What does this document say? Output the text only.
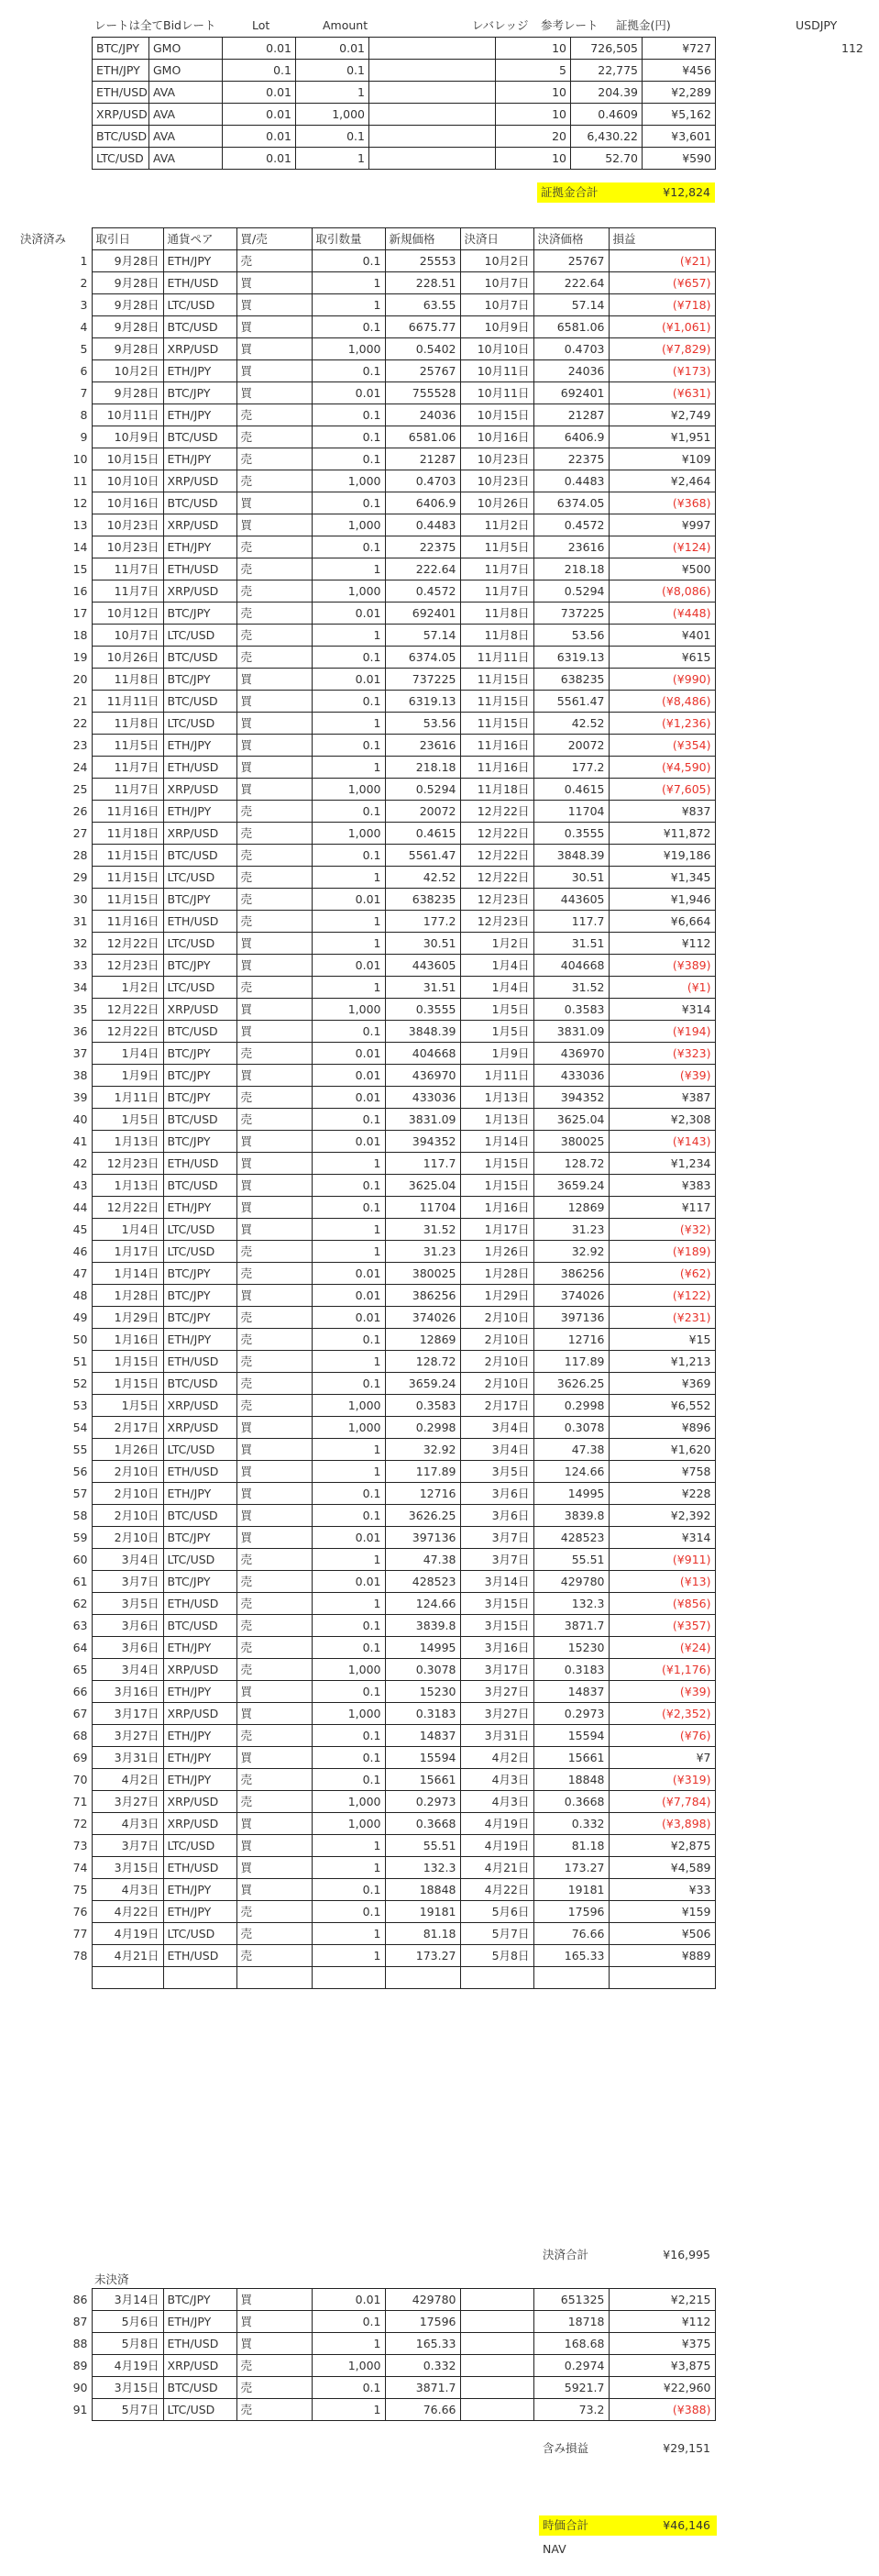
レートは全てBidレート	Lot	Amount	レバレッジ 参考レート 証拠金(円)	USDJPY
112
BTC/JPY	GMO	0.01	0.01		10	726,505	¥727
ETH/JPY	GMO	0.1	0.1		5	22,775	¥456
ETH/USD	AVA	0.01	1		10	204.39	¥2,289
XRP/USD	AVA	0.01	1,000		10	0.4609	¥5,162
BTC/USD	AVA	0.01	0.1		20	6,430.22	¥3,601
LTC/USD	AVA	0.01	1		10	52.70	¥590
証拠金合計	¥12,824
決済済み	取引日	通貨ペア	買/売	取引数量	新規価格	決済日	決済価格	損益
1	9月28日	ETH/JPY	売	0.1	25553	10月2日	25767	(¥21)
2	9月28日	ETH/USD	買	1	228.51	10月7日	222.64	(¥657)
3	9月28日	LTC/USD	買	1	63.55	10月7日	57.14	(¥718)
4	9月28日	BTC/USD	買	0.1	6675.77	10月9日	6581.06	(¥1,061)
5	9月28日	XRP/USD	買	1,000	0.5402	10月10日	0.4703	(¥7,829)
6	10月2日	ETH/JPY	買	0.1	25767	10月11日	24036	(¥173)
7	9月28日	BTC/JPY	買	0.01	755528	10月11日	692401	(¥631)
8	10月11日	ETH/JPY	売	0.1	24036	10月15日	21287	¥2,749
9	10月9日	BTC/USD	売	0.1	6581.06	10月16日	6406.9	¥1,951
10	10月15日	ETH/JPY	売	0.1	21287	10月23日	22375	¥109
11	10月10日	XRP/USD	売	1,000	0.4703	10月23日	0.4483	¥2,464
12	10月16日	BTC/USD	買	0.1	6406.9	10月26日	6374.05	(¥368)
13	10月23日	XRP/USD	買	1,000	0.4483	11月2日	0.4572	¥997
14	10月23日	ETH/JPY	売	0.1	22375	11月5日	23616	(¥124)
15	11月7日	ETH/USD	売	1	222.64	11月7日	218.18	¥500
16	11月7日	XRP/USD	売	1,000	0.4572	11月7日	0.5294	(¥8,086)
17	10月12日	BTC/JPY	売	0.01	692401	11月8日	737225	(¥448)
18	10月7日	LTC/USD	売	1	57.14	11月8日	53.56	¥401
19	10月26日	BTC/USD	売	0.1	6374.05	11月11日	6319.13	¥615
20	11月8日	BTC/JPY	買	0.01	737225	11月15日	638235	(¥990)
21	11月11日	BTC/USD	買	0.1	6319.13	11月15日	5561.47	(¥8,486)
22	11月8日	LTC/USD	買	1	53.56	11月15日	42.52	(¥1,236)
23	11月5日	ETH/JPY	買	0.1	23616	11月16日	20072	(¥354)
24	11月7日	ETH/USD	買	1	218.18	11月16日	177.2	(¥4,590)
25	11月7日	XRP/USD	買	1,000	0.5294	11月18日	0.4615	(¥7,605)
26	11月16日	ETH/JPY	売	0.1	20072	12月22日	11704	¥837
27	11月18日	XRP/USD	売	1,000	0.4615	12月22日	0.3555	¥11,872
28	11月15日	BTC/USD	売	0.1	5561.47	12月22日	3848.39	¥19,186
29	11月15日	LTC/USD	売	1	42.52	12月22日	30.51	¥1,345
30	11月15日	BTC/JPY	売	0.01	638235	12月23日	443605	¥1,946
31	11月16日	ETH/USD	売	1	177.2	12月23日	117.7	¥6,664
32	12月22日	LTC/USD	買	1	30.51	1月2日	31.51	¥112
33	12月23日	BTC/JPY	買	0.01	443605	1月4日	404668	(¥389)
34	1月2日	LTC/USD	売	1	31.51	1月4日	31.52	(¥1)
35	12月22日	XRP/USD	買	1,000	0.3555	1月5日	0.3583	¥314
36	12月22日	BTC/USD	買	0.1	3848.39	1月5日	3831.09	(¥194)
37	1月4日	BTC/JPY	売	0.01	404668	1月9日	436970	(¥323)
38	1月9日	BTC/JPY	買	0.01	436970	1月11日	433036	(¥39)
39	1月11日	BTC/JPY	売	0.01	433036	1月13日	394352	¥387
40	1月5日	BTC/USD	売	0.1	3831.09	1月13日	3625.04	¥2,308
41	1月13日	BTC/JPY	買	0.01	394352	1月14日	380025	(¥143)
42	12月23日	ETH/USD	買	1	117.7	1月15日	128.72	¥1,234
43	1月13日	BTC/USD	買	0.1	3625.04	1月15日	3659.24	¥383
44	12月22日	ETH/JPY	買	0.1	11704	1月16日	12869	¥117
45	1月4日	LTC/USD	買	1	31.52	1月17日	31.23	(¥32)
46	1月17日	LTC/USD	売	1	31.23	1月26日	32.92	(¥189)
47	1月14日	BTC/JPY	売	0.01	380025	1月28日	386256	(¥62)
48	1月28日	BTC/JPY	買	0.01	386256	1月29日	374026	(¥122)
49	1月29日	BTC/JPY	売	0.01	374026	2月10日	397136	(¥231)
50	1月16日	ETH/JPY	売	0.1	12869	2月10日	12716	¥15
51	1月15日	ETH/USD	売	1	128.72	2月10日	117.89	¥1,213
52	1月15日	BTC/USD	売	0.1	3659.24	2月10日	3626.25	¥369
53	1月5日	XRP/USD	売	1,000	0.3583	2月17日	0.2998	¥6,552
54	2月17日	XRP/USD	買	1,000	0.2998	3月4日	0.3078	¥896
55	1月26日	LTC/USD	買	1	32.92	3月4日	47.38	¥1,620
56	2月10日	ETH/USD	買	1	117.89	3月5日	124.66	¥758
57	2月10日	ETH/JPY	買	0.1	12716	3月6日	14995	¥228
58	2月10日	BTC/USD	買	0.1	3626.25	3月6日	3839.8	¥2,392
59	2月10日	BTC/JPY	買	0.01	397136	3月7日	428523	¥314
60	3月4日	LTC/USD	売	1	47.38	3月7日	55.51	(¥911)
61	3月7日	BTC/JPY	売	0.01	428523	3月14日	429780	(¥13)
62	3月5日	ETH/USD	売	1	124.66	3月15日	132.3	(¥856)
63	3月6日	BTC/USD	売	0.1	3839.8	3月15日	3871.7	(¥357)
64	3月6日	ETH/JPY	売	0.1	14995	3月16日	15230	(¥24)
65	3月4日	XRP/USD	売	1,000	0.3078	3月17日	0.3183	(¥1,176)
66	3月16日	ETH/JPY	買	0.1	15230	3月27日	14837	(¥39)
67	3月17日	XRP/USD	買	1,000	0.3183	3月27日	0.2973	(¥2,352)
68	3月27日	ETH/JPY	売	0.1	14837	3月31日	15594	(¥76)
69	3月31日	ETH/JPY	買	0.1	15594	4月2日	15661	¥7
70	4月2日	ETH/JPY	売	0.1	15661	4月3日	18848	(¥319)
71	3月27日	XRP/USD	売	1,000	0.2973	4月3日	0.3668	(¥7,784)
72	4月3日	XRP/USD	買	1,000	0.3668	4月19日	0.332	(¥3,898)
73	3月7日	LTC/USD	買	1	55.51	4月19日	81.18	¥2,875
74	3月15日	ETH/USD	買	1	132.3	4月21日	173.27	¥4,589
75	4月3日	ETH/JPY	買	0.1	18848	4月22日	19181	¥33
76	4月22日	ETH/JPY	売	0.1	19181	5月6日	17596	¥159
77	4月19日	LTC/USD	売	1	81.18	5月7日	76.66	¥506
78	4月21日	ETH/USD	売	1	173.27	5月8日	165.33	¥889

決済合計	¥16,995
未決済
86	3月14日	BTC/JPY	買	0.01	429780		651325	¥2,215
87	5月6日	ETH/JPY	買	0.1	17596		18718	¥112
88	5月8日	ETH/USD	買	1	165.33		168.68	¥375
89	4月19日	XRP/USD	売	1,000	0.332		0.2974	¥3,875
90	3月15日	BTC/USD	売	0.1	3871.7		5921.7	¥22,960
91	5月7日	LTC/USD	売	1	76.66		73.2	(¥388)
含み損益	¥29,151
時価合計	¥46,146
NAV
